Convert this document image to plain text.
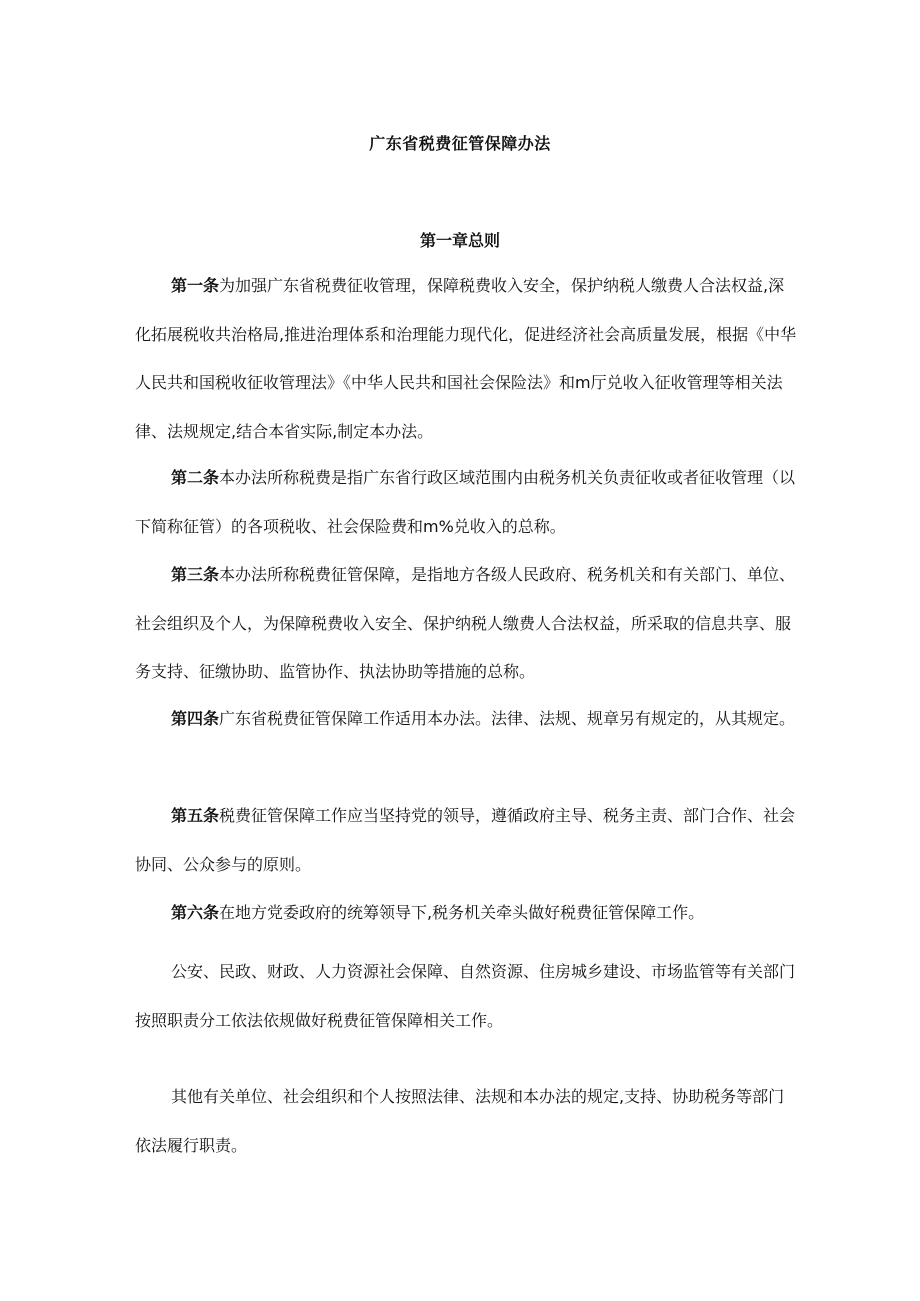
广东省税费征管保障办法
第一章总则

第一条为加强广东省税费征收管理，保障税费收入安全，保护纳税人缴费人合法权益,深化拓展税收共治格局,推进治理体系和治理能力现代化，促进经济社会高质量发展，根据《中华人民共和国税收征收管理法》《中华人民共和国社会保险法》和m厅兑收入征收管理等相关法律、法规规定,结合本省实际,制定本办法。

第二条本办法所称税费是指广东省行政区域范围内由税务机关负责征收或者征收管理（以下简称征管）的各项税收、社会保险费和m%兑收入的总称。

第三条本办法所称税费征管保障，是指地方各级人民政府、税务机关和有关部门、单位、社会组织及个人，为保障税费收入安全、保护纳税人缴费人合法权益，所采取的信息共享、服务支持、征缴协助、监管协作、执法协助等措施的总称。

第四条广东省税费征管保障工作适用本办法。法律、法规、规章另有规定的，从其规定。

第五条税费征管保障工作应当坚持党的领导，遵循政府主导、税务主责、部门合作、社会协同、公众参与的原则。

第六条在地方党委政府的统筹领导下,税务机关牵头做好税费征管保障工作。

公安、民政、财政、人力资源社会保障、自然资源、住房城乡建设、市场监管等有关部门按照职责分工依法依规做好税费征管保障相关工作。

其他有关单位、社会组织和个人按照法律、法规和本办法的规定,支持、协助税务等部门依法履行职责。
